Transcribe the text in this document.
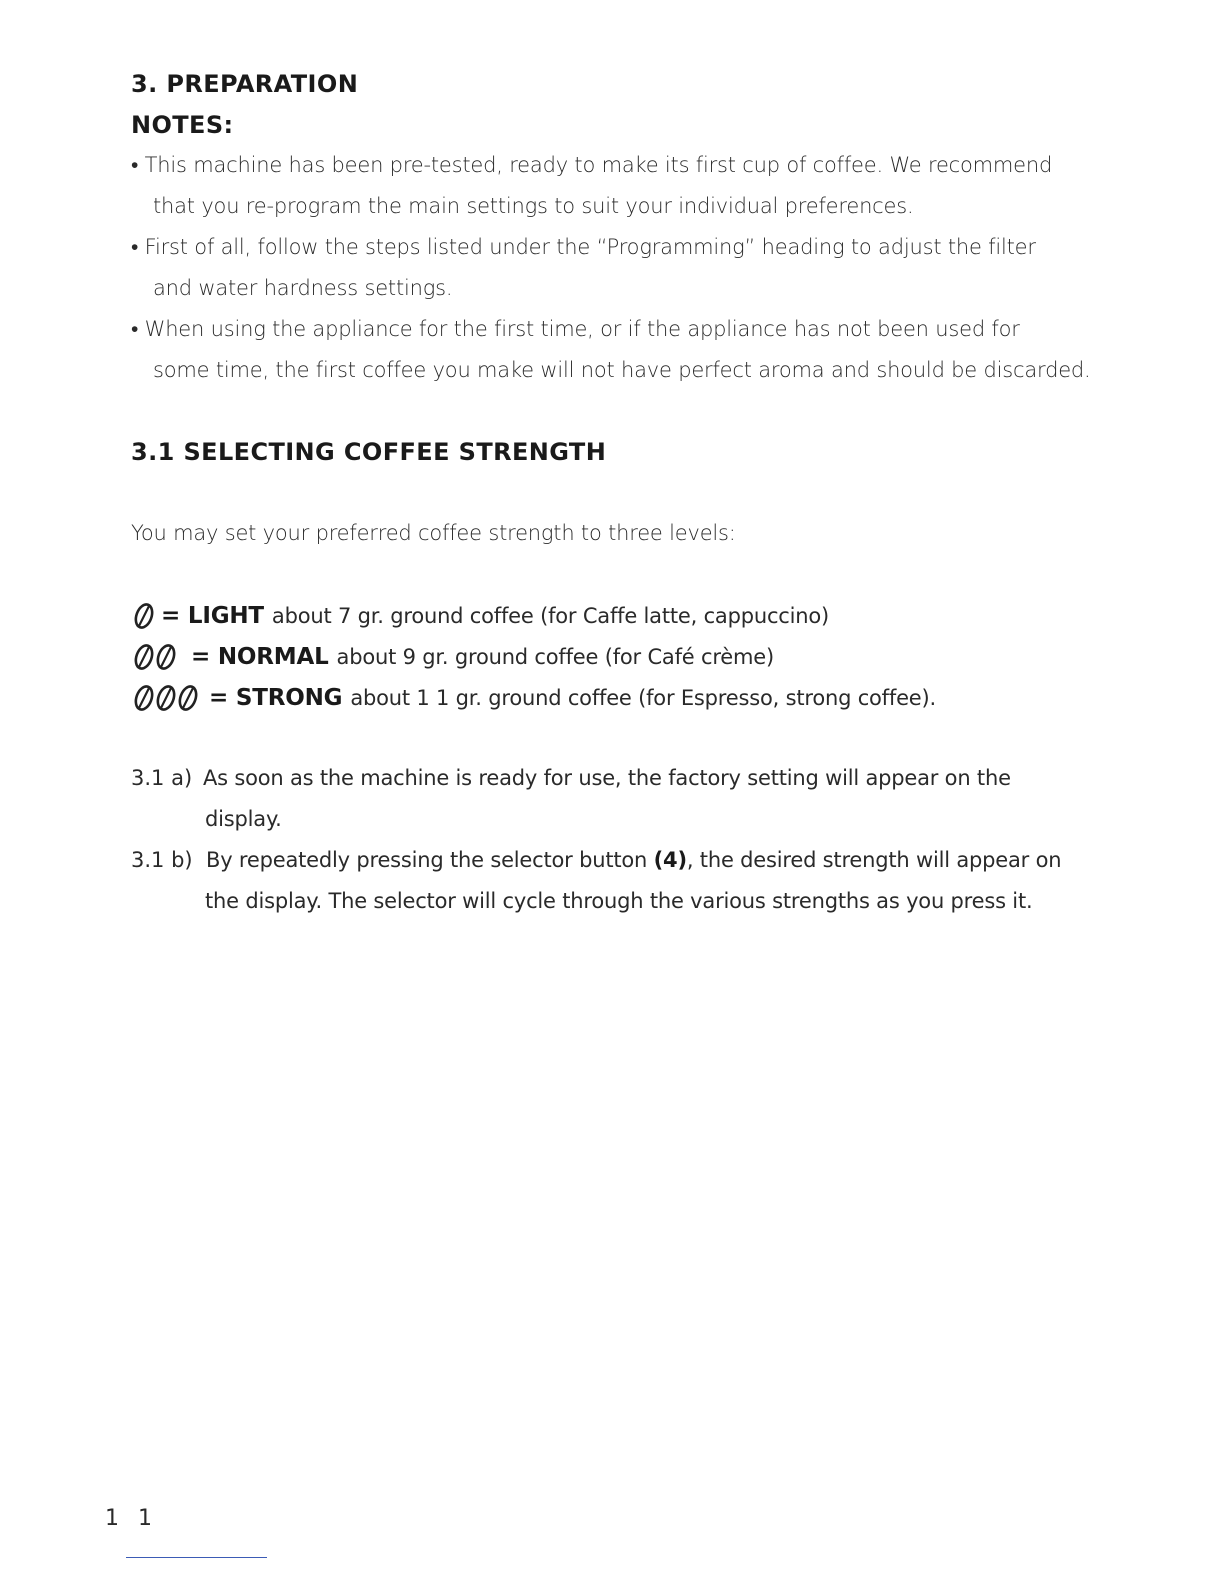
3. PREPARATION
NOTES:

• This machine has been pre-tested, ready to make its first cup of coffee. We recommend

that you re-program the main settings to suit your individual preferences.

• First of all, follow the steps listed under the “Programming” heading to adjust the filter

and water hardness settings.

• When using the appliance for the first time, or if the appliance has not been used for

some time, the first coffee you make will not have perfect aroma and should be discarded.

3.1 SELECTING COFFEE STRENGTH

You may set your preferred coffee strength to three levels:

= LIGHT about 7 gr. ground coffee (for Caffe latte, cappuccino)
= NORMAL about 9 gr. ground coffee (for Café crème)
= STRONG about 1 1 gr. ground coffee (for Espresso, strong coffee).
3.1 a) As soon as the machine is ready for use, the factory setting will appear on the
display.
3.1 b) By repeatedly pressing the selector button (4), the desired strength will appear on
the display. The selector will cycle through the various strengths as you press it.
1 1
